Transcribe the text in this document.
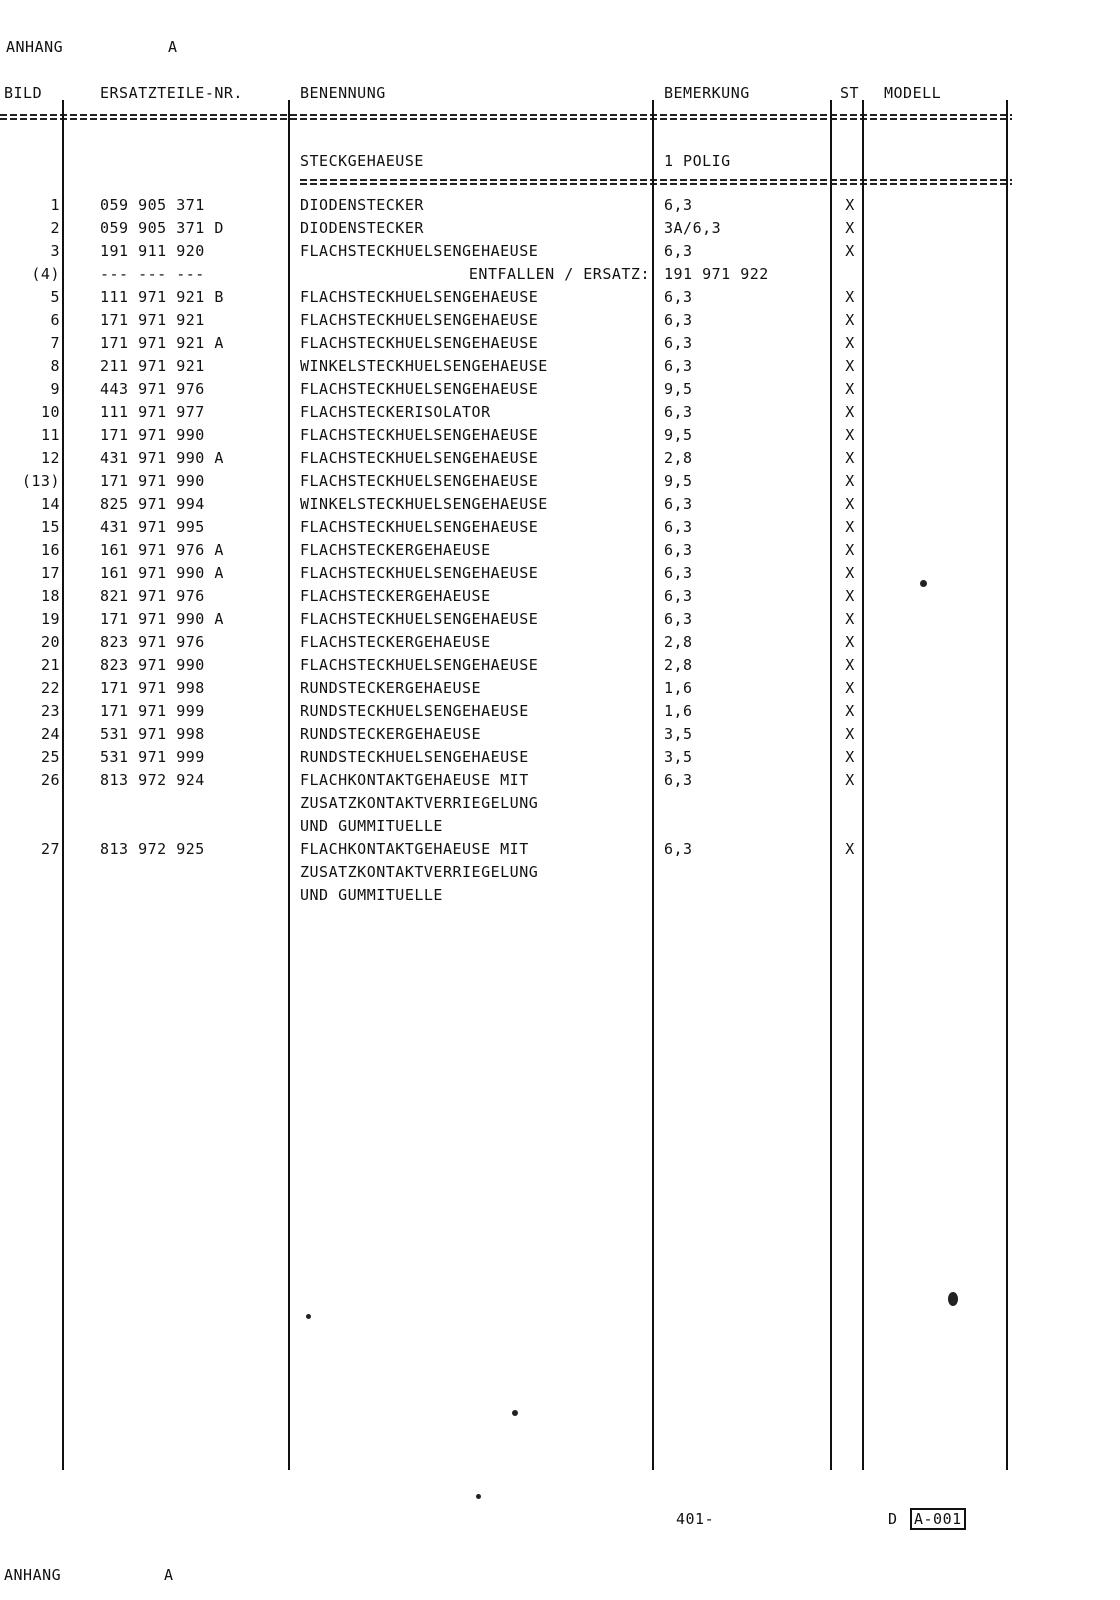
ANHANG	A
BILD	ERSATZTEILE-NR.	BENENNUNG	BEMERKUNG	ST MODELL
STECKGEHAEUSE	1 POLIG
1	059 905 371	DIODENSTECKER	6,3	X
2	059 905 371 D	DIODENSTECKER	3A/6,3	X
3	191 911 920	FLACHSTECKHUELSENGEHAEUSE	6,3	X
(4)	--- --- ---	ENTFALLEN / ERSATZ: 191 971 922
5	111 971 921 B	FLACHSTECKHUELSENGEHAEUSE	6,3	X
6	171 971 921	FLACHSTECKHUELSENGEHAEUSE	6,3	X
7	171 971 921 A	FLACHSTECKHUELSENGEHAEUSE	6,3	X
8	211 971 921	WINKELSTECKHUELSENGEHAEUSE	6,3	X
9	443 971 976	FLACHSTECKHUELSENGEHAEUSE	9,5	X
10	111 971 977	FLACHSTECKERISOLATOR	6,3	X
11	171 971 990	FLACHSTECKHUELSENGEHAEUSE	9,5	X
12	431 971 990 A	FLACHSTECKHUELSENGEHAEUSE	2,8	X
(13)	171 971 990	FLACHSTECKHUELSENGEHAEUSE	9,5	X
14	825 971 994	WINKELSTECKHUELSENGEHAEUSE	6,3	X
15	431 971 995	FLACHSTECKHUELSENGEHAEUSE	6,3	X
16	161 971 976 A	FLACHSTECKERGEHAEUSE	6,3	X
17	161 971 990 A	FLACHSTECKHUELSENGEHAEUSE	6,3	X
18	821 971 976	FLACHSTECKERGEHAEUSE	6,3	X
19	171 971 990 A	FLACHSTECKHUELSENGEHAEUSE	6,3	X
20	823 971 976	FLACHSTECKERGEHAEUSE	2,8	X
21	823 971 990	FLACHSTECKHUELSENGEHAEUSE	2,8	X
22	171 971 998	RUNDSTECKERGEHAEUSE	1,6	X
23	171 971 999	RUNDSTECKHUELSENGEHAEUSE	1,6	X
24	531 971 998	RUNDSTECKERGEHAEUSE	3,5	X
25	531 971 999	RUNDSTECKHUELSENGEHAEUSE	3,5	X
26	813 972 924	FLACHKONTAKTGEHAEUSE MIT	6,3	X
ZUSATZKONTAKTVERRIEGELUNG
UND GUMMITUELLE
27	813 972 925	FLACHKONTAKTGEHAEUSE MIT	6,3	X
ZUSATZKONTAKTVERRIEGELUNG
UND GUMMITUELLE
401-	D A-001
ANHANG	A
